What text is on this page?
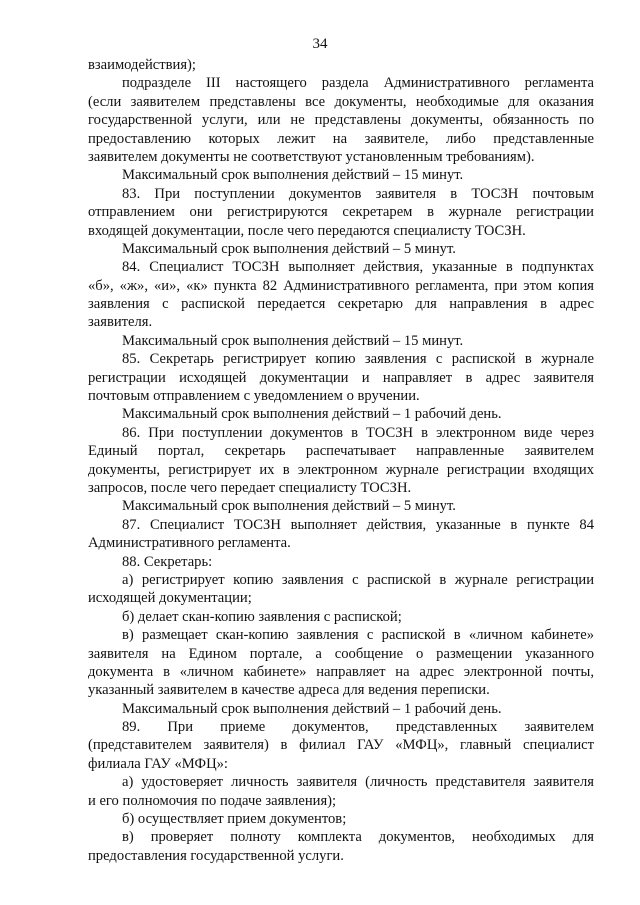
34
взаимодействия);
подразделе III настоящего раздела Административного регламента
(если заявителем представлены все документы, необходимые для оказания
государственной услуги, или не представлены документы, обязанность по
предоставлению которых лежит на заявителе, либо представленные
заявителем документы не соответствуют установленным требованиям).
Максимальный срок выполнения действий – 15 минут.
83. При поступлении документов заявителя в ТОСЗН почтовым
отправлением они регистрируются секретарем в журнале регистрации
входящей документации, после чего передаются специалисту ТОСЗН.
Максимальный срок выполнения действий – 5 минут.
84. Специалист ТОСЗН выполняет действия, указанные в подпунктах
«б», «ж», «и», «к» пункта 82 Административного регламента, при этом копия
заявления с распиской передается секретарю для направления в адрес
заявителя.
Максимальный срок выполнения действий – 15 минут.
85. Секретарь регистрирует копию заявления с распиской в журнале
регистрации исходящей документации и направляет в адрес заявителя
почтовым отправлением с уведомлением о вручении.
Максимальный срок выполнения действий – 1 рабочий день.
86. При поступлении документов в ТОСЗН в электронном виде через
Единый портал, секретарь распечатывает направленные заявителем
документы, регистрирует их в электронном журнале регистрации входящих
запросов, после чего передает специалисту ТОСЗН.
Максимальный срок выполнения действий – 5 минут.
87. Специалист ТОСЗН выполняет действия, указанные в пункте 84
Административного регламента.
88. Секретарь:
а) регистрирует копию заявления с распиской в журнале регистрации
исходящей документации;
б) делает скан-копию заявления с распиской;
в) размещает скан-копию заявления с распиской в «личном кабинете»
заявителя на Едином портале, а сообщение о размещении указанного
документа в «личном кабинете» направляет на адрес электронной почты,
указанный заявителем в качестве адреса для ведения переписки.
Максимальный срок выполнения действий – 1 рабочий день.
89. При приеме документов, представленных заявителем
(представителем заявителя) в филиал ГАУ «МФЦ», главный специалист
филиала ГАУ «МФЦ»:
а) удостоверяет личность заявителя (личность представителя заявителя
и его полномочия по подаче заявления);
б) осуществляет прием документов;
в) проверяет полноту комплекта документов, необходимых для
предоставления государственной услуги.
